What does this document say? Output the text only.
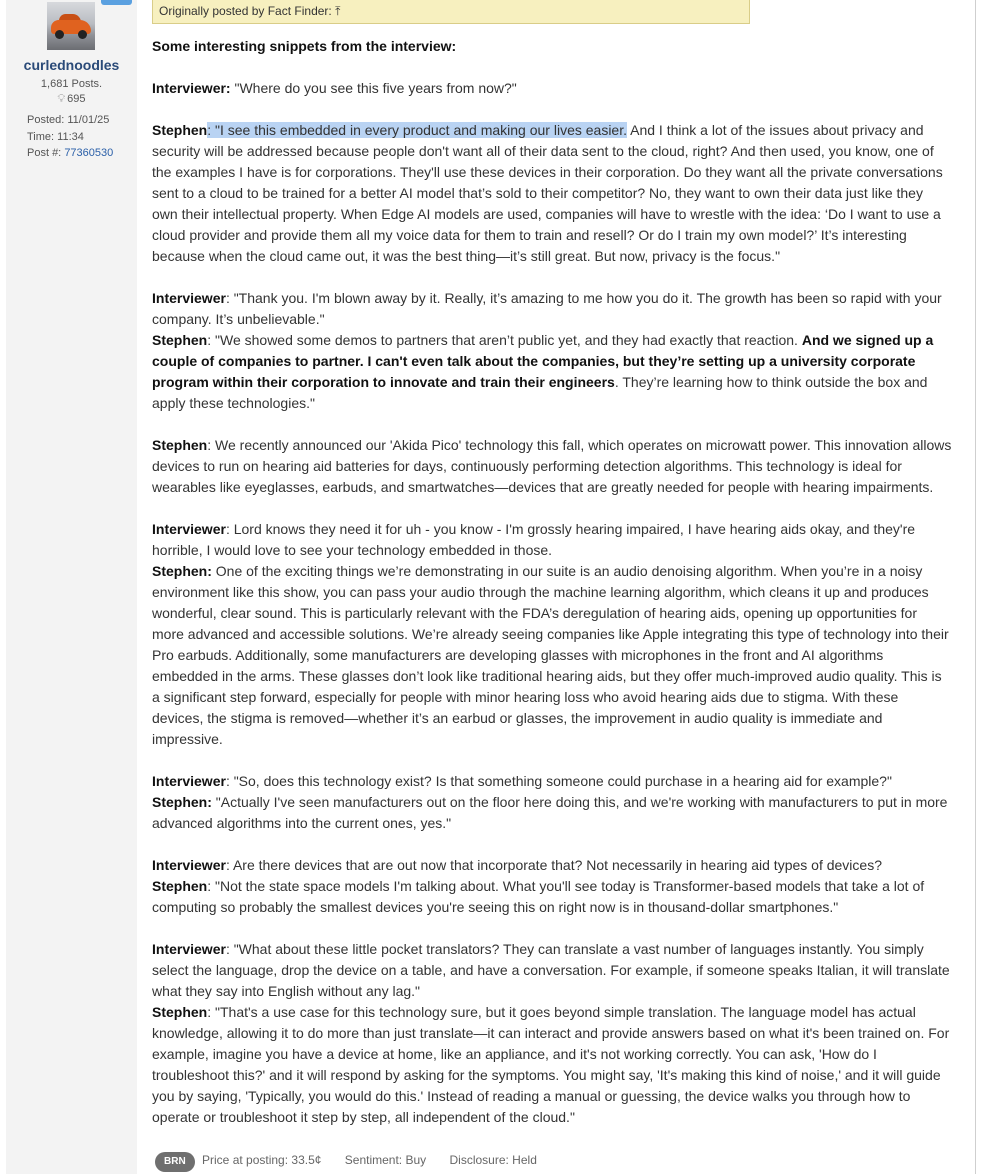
curlednoodles
1,681 Posts.
💡︎ 695
Posted: 11/01/25
Time: 11:34
Post #: 77360530
Originally posted by Fact Finder: ⤒

Some interesting snippets from the interview:

Interviewer: "Where do you see this five years from now?"

Stephen: "I see this embedded in every product and making our lives easier. And I think a lot of the issues about privacy and security will be addressed because people don't want all of their data sent to the cloud, right? And then used, you know, one of the examples I have is for corporations. They'll use these devices in their corporation. Do they want all the private conversations sent to a cloud to be trained for a better AI model that’s sold to their competitor? No, they want to own their data just like they own their intellectual property. When Edge AI models are used, companies will have to wrestle with the idea: ‘Do I want to use a cloud provider and provide them all my voice data for them to train and resell? Or do I train my own model?’ It’s interesting because when the cloud came out, it was the best thing—it’s still great. But now, privacy is the focus."

Interviewer: "Thank you. I'm blown away by it. Really, it’s amazing to me how you do it. The growth has been so rapid with your company. It’s unbelievable."

Stephen: "We showed some demos to partners that aren’t public yet, and they had exactly that reaction. And we signed up a couple of companies to partner. I can't even talk about the companies, but they’re setting up a university corporate program within their corporation to innovate and train their engineers. They’re learning how to think outside the box and apply these technologies."

Stephen: We recently announced our 'Akida Pico' technology this fall, which operates on microwatt power. This innovation allows devices to run on hearing aid batteries for days, continuously performing detection algorithms. This technology is ideal for wearables like eyeglasses, earbuds, and smartwatches—devices that are greatly needed for people with hearing impairments.

Interviewer: Lord knows they need it for uh - you know - I'm grossly hearing impaired, I have hearing aids okay, and they're horrible, I would love to see your technology embedded in those.

Stephen: One of the exciting things we’re demonstrating in our suite is an audio denoising algorithm. When you’re in a noisy environment like this show, you can pass your audio through the machine learning algorithm, which cleans it up and produces wonderful, clear sound. This is particularly relevant with the FDA’s deregulation of hearing aids, opening up opportunities for more advanced and accessible solutions. We’re already seeing companies like Apple integrating this type of technology into their Pro earbuds. Additionally, some manufacturers are developing glasses with microphones in the front and AI algorithms embedded in the arms. These glasses don’t look like traditional hearing aids, but they offer much-improved audio quality. This is a significant step forward, especially for people with minor hearing loss who avoid hearing aids due to stigma. With these devices, the stigma is removed—whether it’s an earbud or glasses, the improvement in audio quality is immediate and impressive.

Interviewer: "So, does this technology exist? Is that something someone could purchase in a hearing aid for example?"

Stephen: "Actually I've seen manufacturers out on the floor here doing this, and we're working with manufacturers to put in more advanced algorithms into the current ones, yes."

Interviewer: Are there devices that are out now that incorporate that? Not necessarily in hearing aid types of devices?

Stephen: "Not the state space models I'm talking about. What you'll see today is Transformer-based models that take a lot of computing so probably the smallest devices you're seeing this on right now is in thousand-dollar smartphones."

Interviewer: "What about these little pocket translators? They can translate a vast number of languages instantly. You simply select the language, drop the device on a table, and have a conversation. For example, if someone speaks Italian, it will translate what they say into English without any lag."

Stephen: "That's a use case for this technology sure, but it goes beyond simple translation. The language model has actual knowledge, allowing it to do more than just translate—it can interact and provide answers based on what it's been trained on. For example, imagine you have a device at home, like an appliance, and it's not working correctly. You can ask, 'How do I troubleshoot this?' and it will respond by asking for the symptoms. You might say, 'It's making this kind of noise,' and it will guide you by saying, 'Typically, you would do this.' Instead of reading a manual or guessing, the device walks you through how to operate or troubleshoot it step by step, all independent of the cloud."

BRN Price at posting: 33.5¢ Sentiment: Buy Disclosure: Held
